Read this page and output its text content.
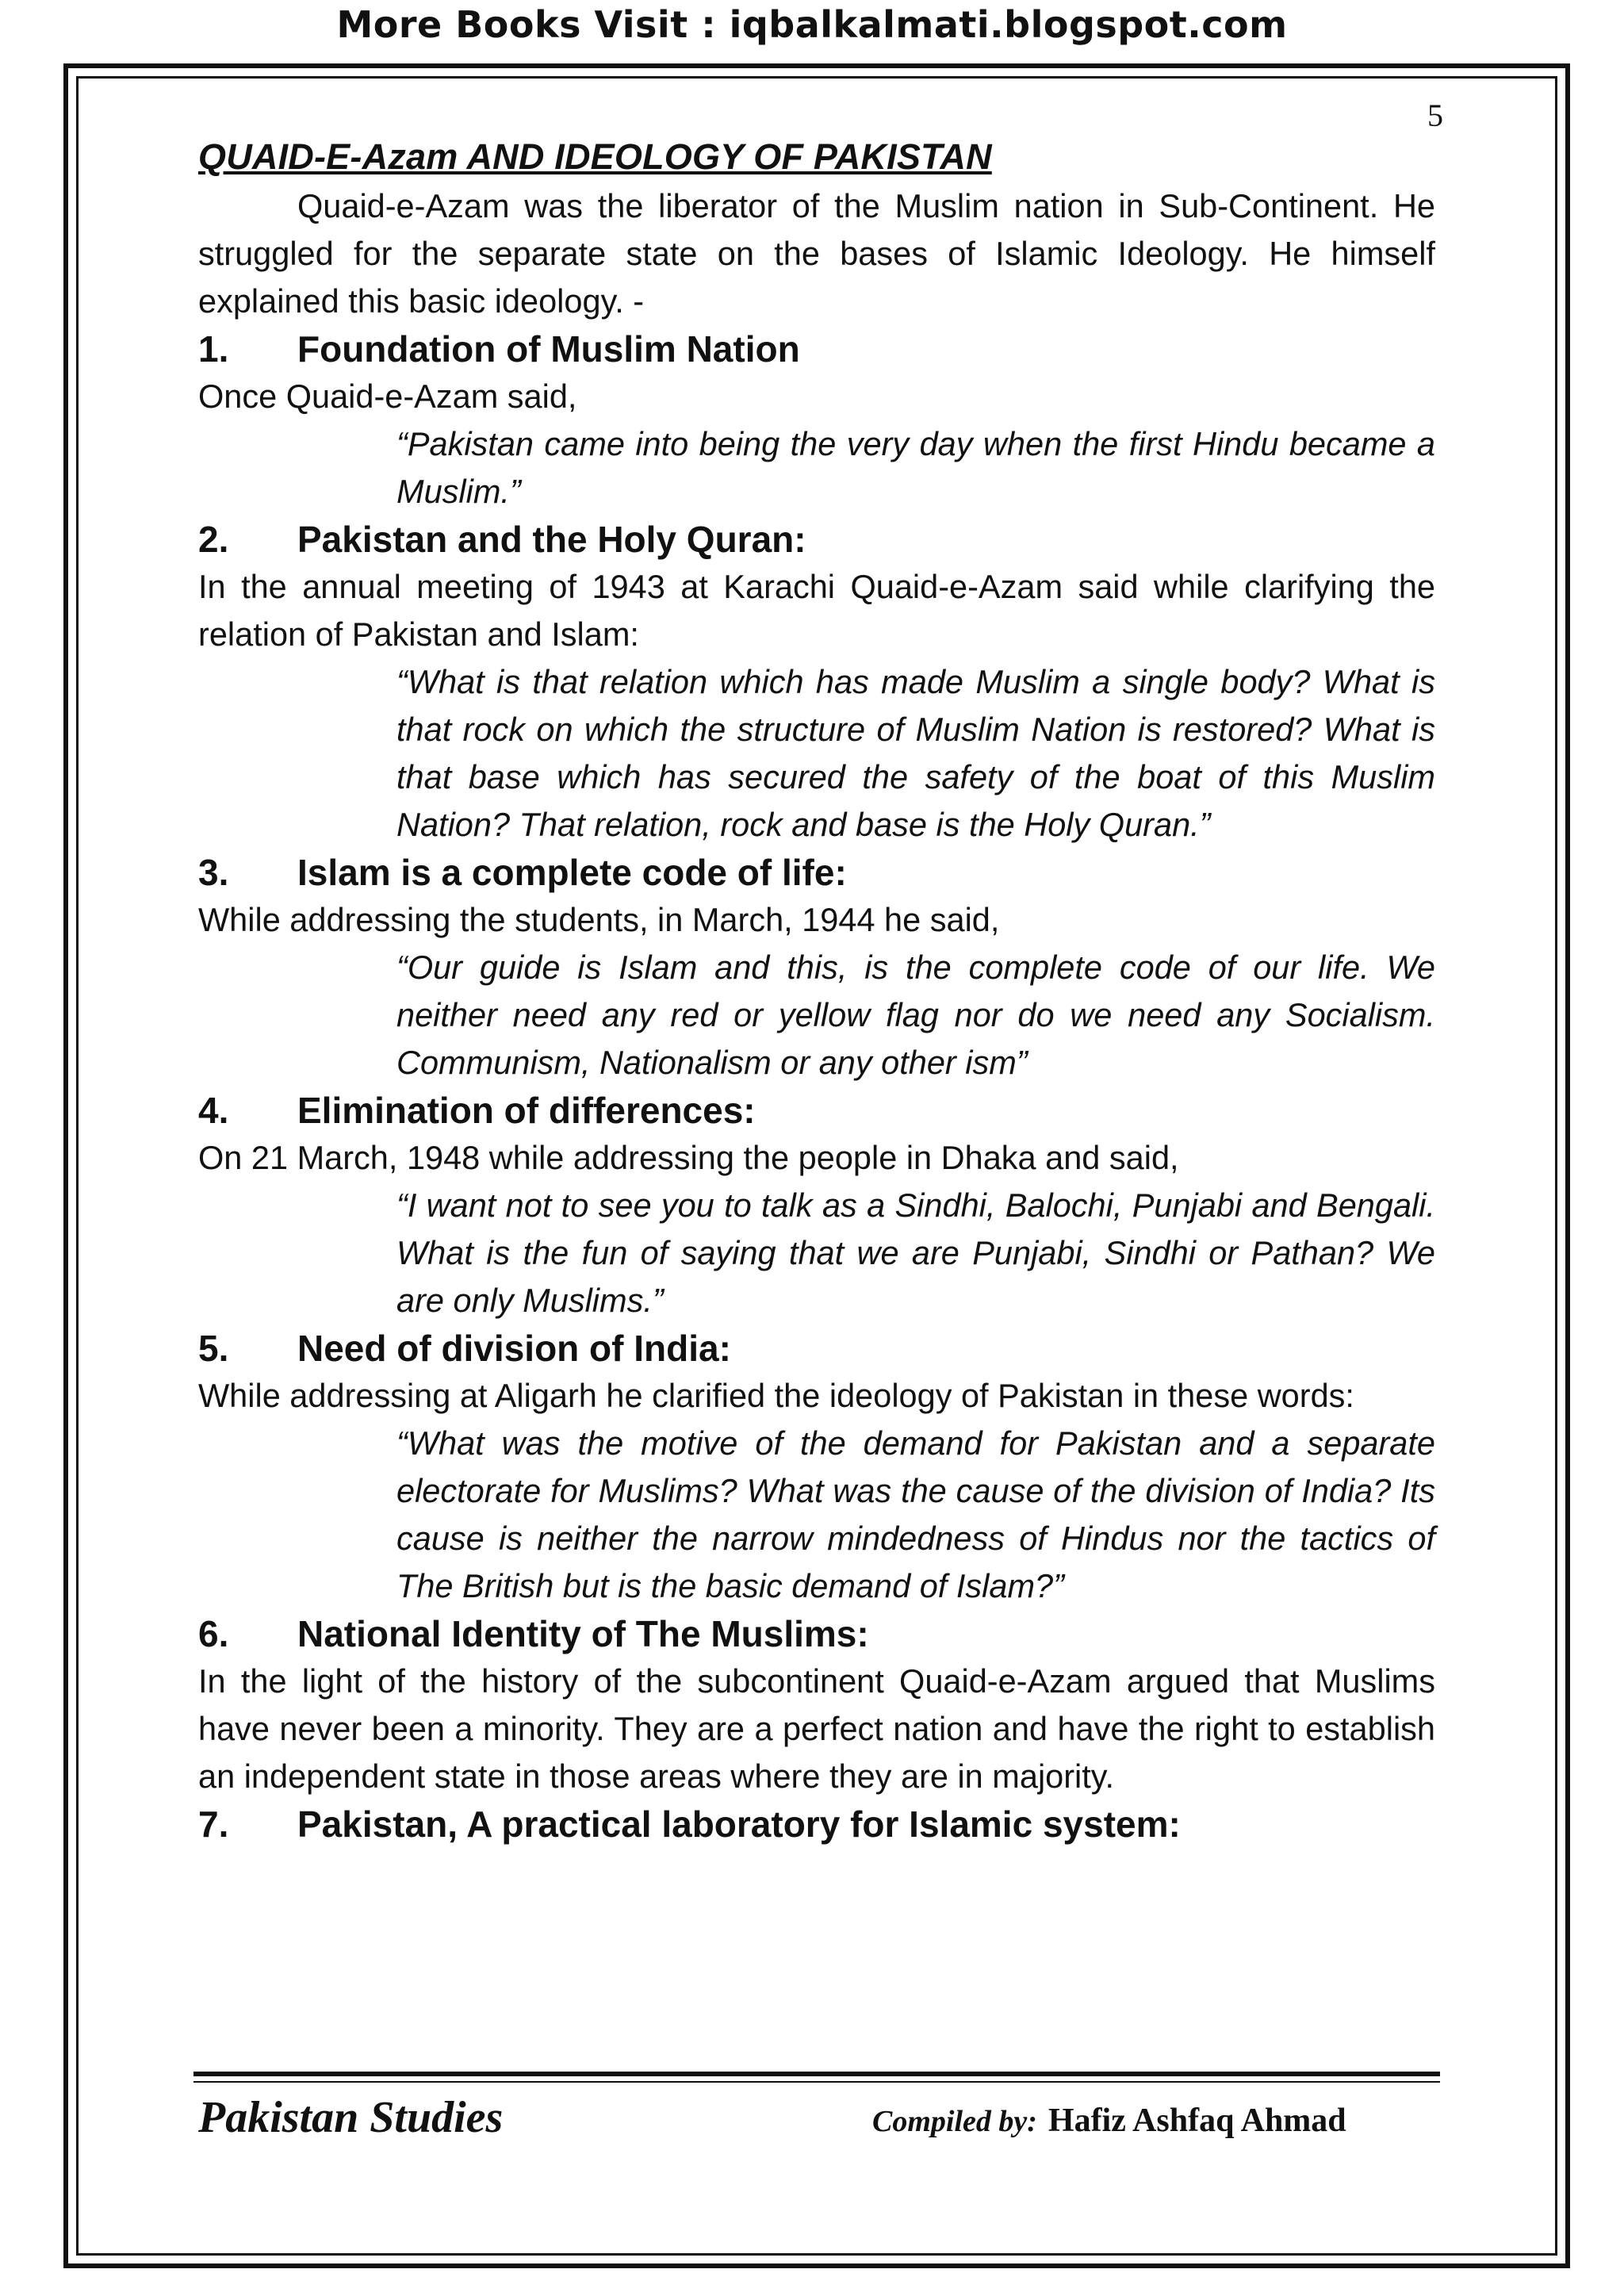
More Books Visit : iqbalkalmati.blogspot.com
5
QUAID-E-Azam AND IDEOLOGY OF PAKISTAN

Quaid-e-Azam was the liberator of the Muslim nation in Sub-Continent. He struggled for the separate state on the bases of Islamic Ideology. He himself explained this basic ideology. -

1.	Foundation of Muslim Nation

Once Quaid-e-Azam said,

“Pakistan came into being the very day when the first Hindu became a Muslim.”

2.	Pakistan and the Holy Quran:

In the annual meeting of 1943 at Karachi Quaid-e-Azam said while clarifying the relation of Pakistan and Islam:

“What is that relation which has made Muslim a single body? What is that rock on which the structure of Muslim Nation is restored? What is that base which has secured the safety of the boat of this Muslim Nation? That relation, rock and base is the Holy Quran.”

3.	Islam is a complete code of life:

While addressing the students, in March, 1944 he said,

“Our guide is Islam and this, is the complete code of our life. We neither need any red or yellow flag nor do we need any Socialism. Communism, Nationalism or any other ism”

4.	Elimination of differences:

On 21 March, 1948 while addressing the people in Dhaka and said,

“I want not to see you to talk as a Sindhi, Balochi, Punjabi and Bengali. What is the fun of saying that we are Punjabi, Sindhi or Pathan? We are only Muslims.”

5.	Need of division of India:

While addressing at Aligarh he clarified the ideology of Pakistan in these words:

“What was the motive of the demand for Pakistan and a separate electorate for Muslims? What was the cause of the division of India? Its cause is neither the narrow mindedness of Hindus nor the tactics of The British but is the basic demand of Islam?”

6.	National Identity of The Muslims:

In the light of the history of the subcontinent Quaid-e-Azam argued that Muslims have never been a minority. They are a perfect nation and have the right to establish an independent state in those areas where they are in majority.

7.	Pakistan, A practical laboratory for Islamic system:
Pakistan Studies	Compiled by: Hafiz Ashfaq Ahmad
